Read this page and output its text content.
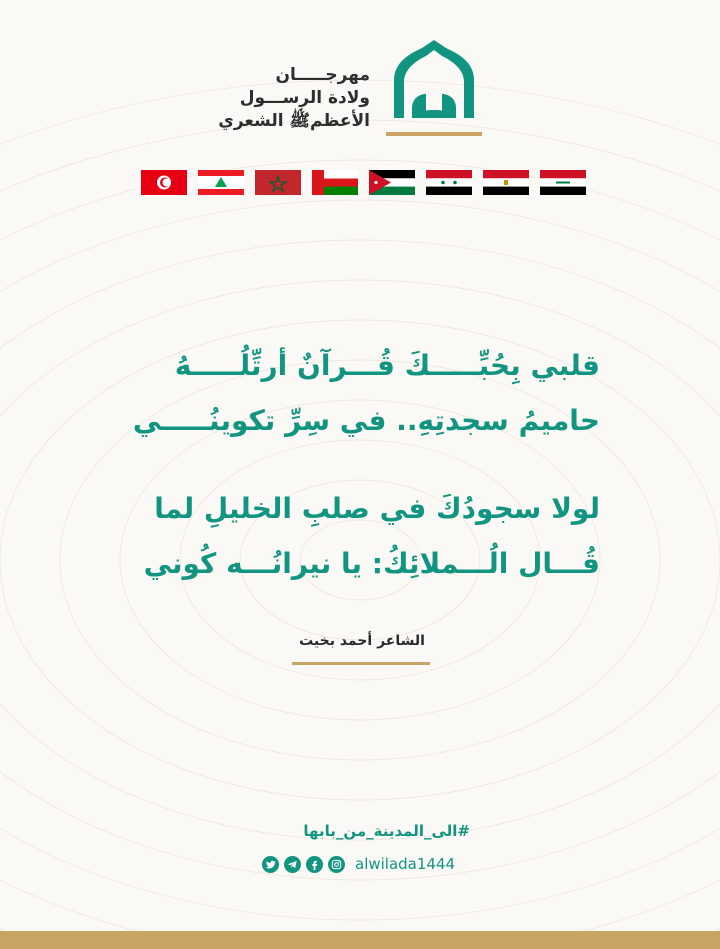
مهرجـــــان
ولادة الرســـول
الأعظمﷺ الشعري
قلبي بِحُبِّـــــكَ قُـــرآنٌ أرتِّلُـــــهُ
حاميمُ سجدتِهِ.. في سِرِّ تكوينُـــــي
لولا سجودُكَ في صلبِ الخليلِ لما
قُـــال الُـــملائِكُ: يا نيرانُـــه كُوني
الشاعر أحمد بخيت
#الى_المدينة_من_بابها
alwilada1444
